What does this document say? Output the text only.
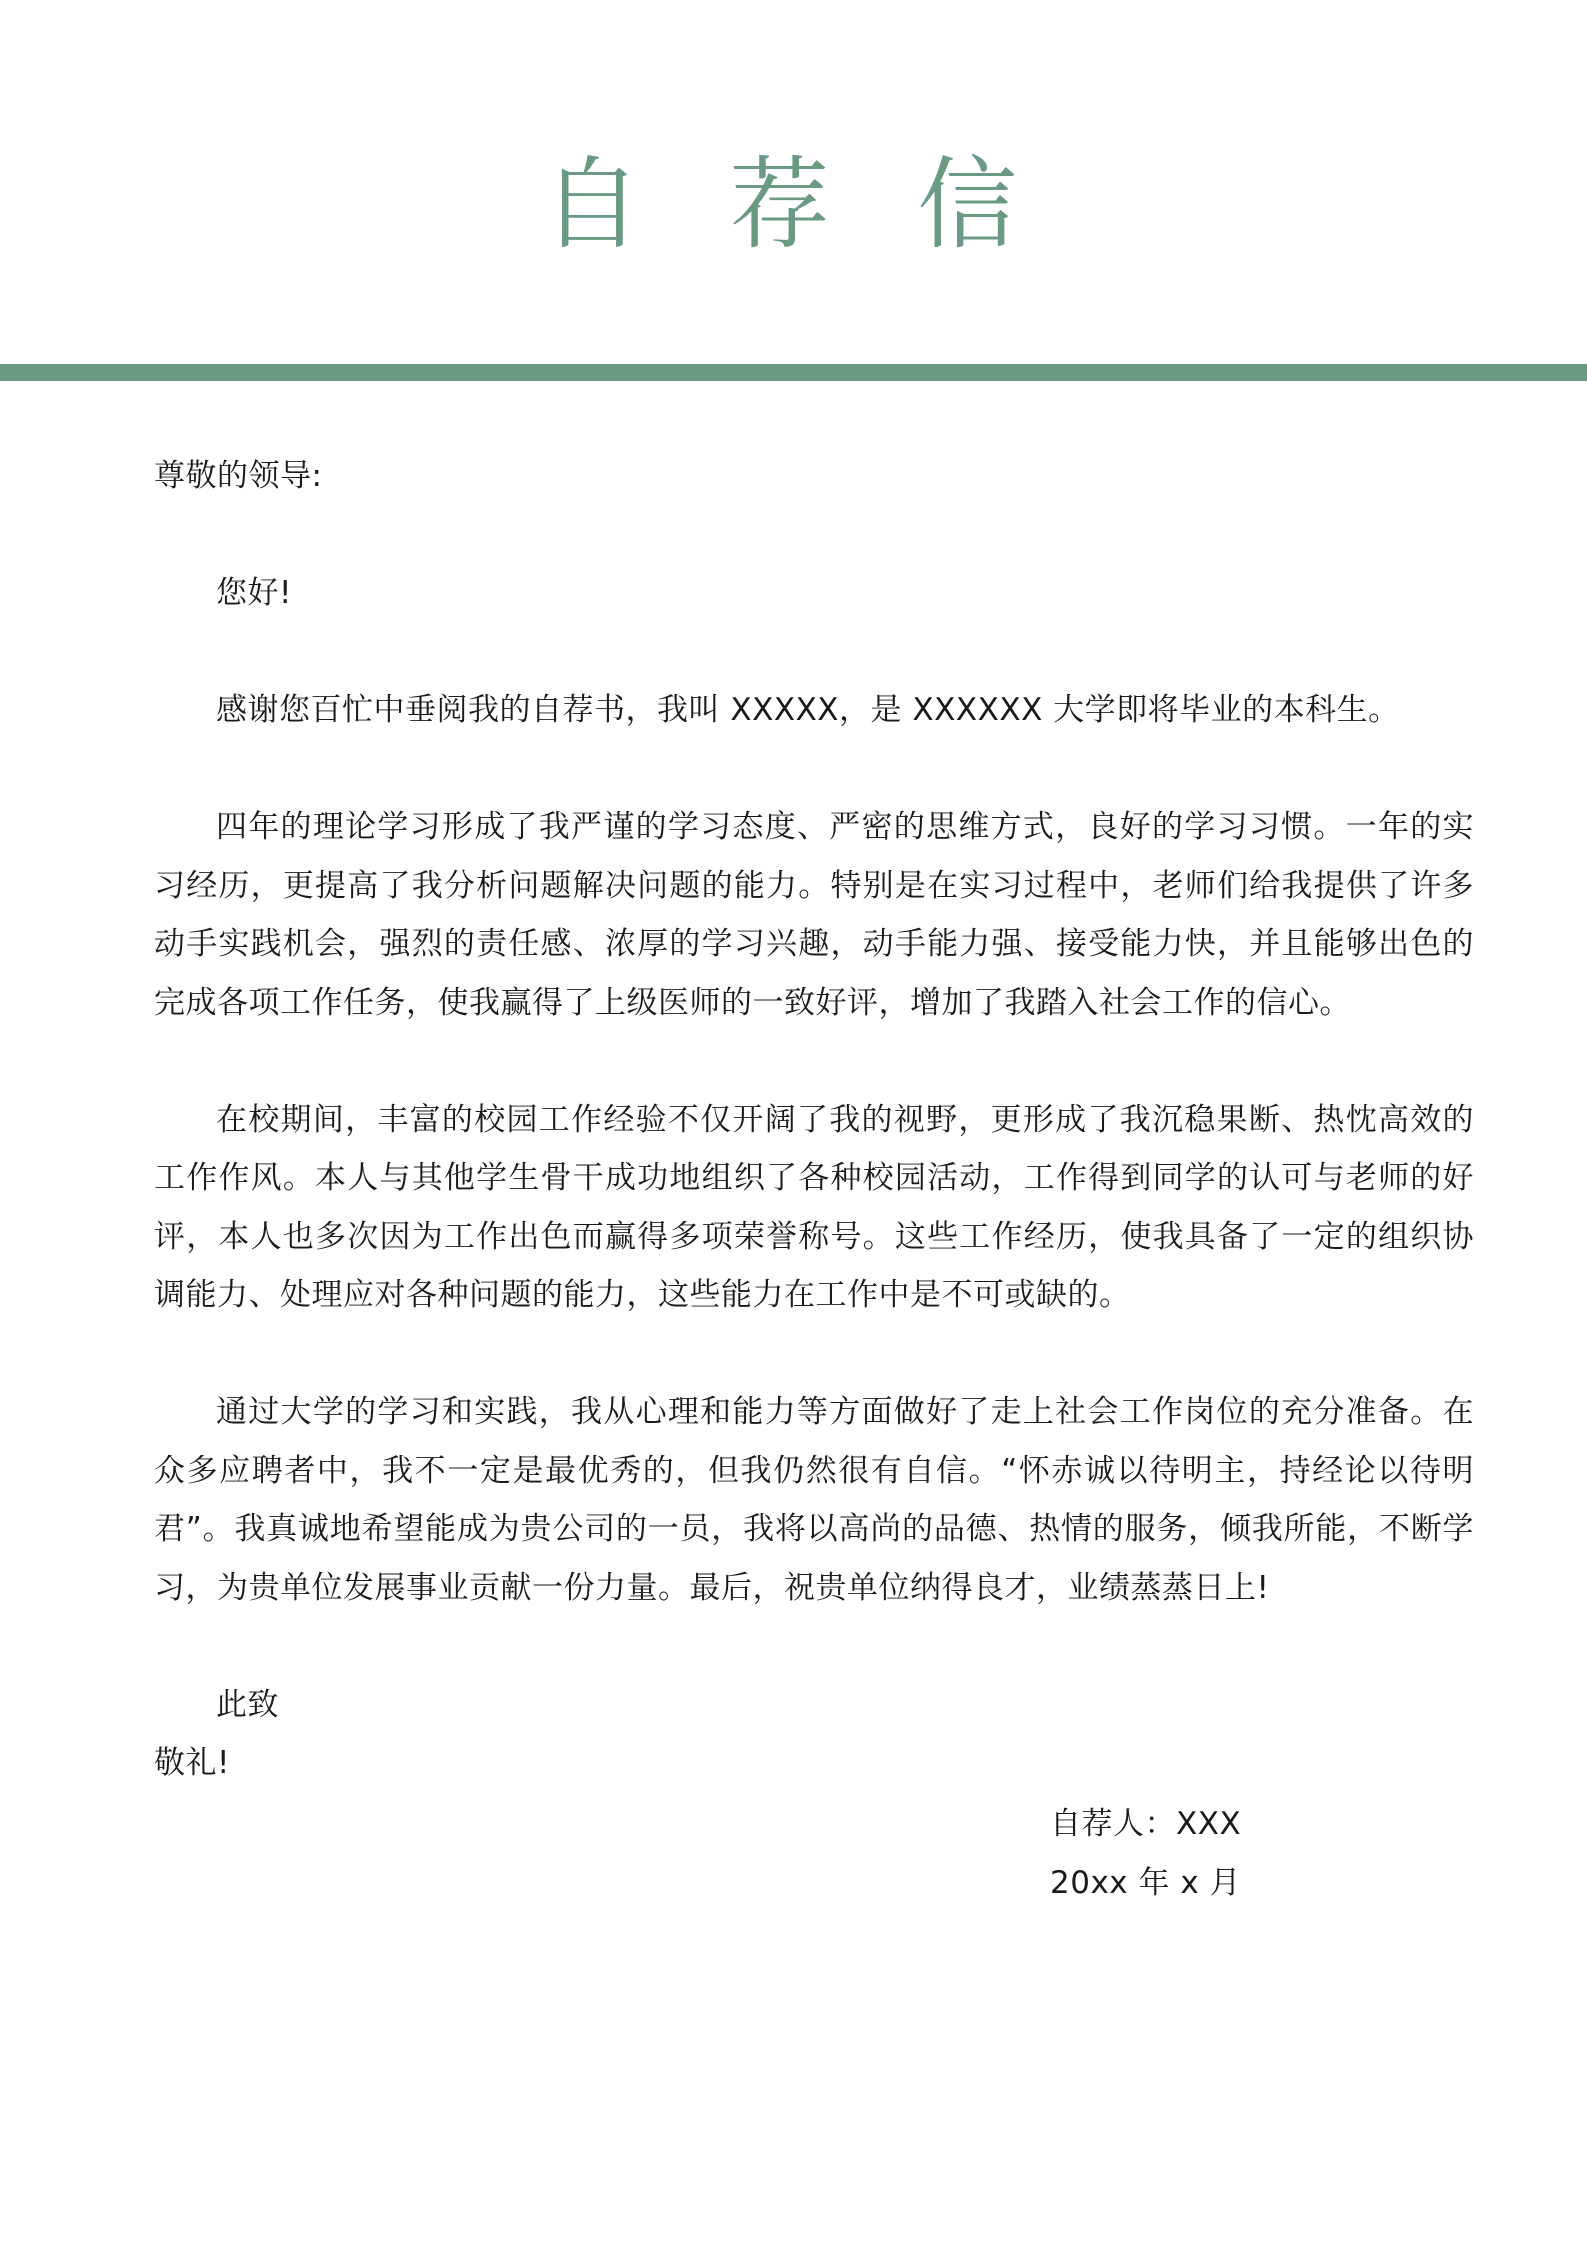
自 荐 信

尊敬的领导:

您好!

感谢您百忙中垂阅我的自荐书，我叫 XXXXX，是 XXXXXX 大学即将毕业的本科生。

四年的理论学习形成了我严谨的学习态度、严密的思维方式，良好的学习习惯。一年的实习经历，更提高了我分析问题解决问题的能力。特别是在实习过程中，老师们给我提供了许多动手实践机会，强烈的责任感、浓厚的学习兴趣，动手能力强、接受能力快，并且能够出色的完成各项工作任务，使我赢得了上级医师的一致好评，增加了我踏入社会工作的信心。

在校期间，丰富的校园工作经验不仅开阔了我的视野，更形成了我沉稳果断、热忱高效的工作作风。本人与其他学生骨干成功地组织了各种校园活动，工作得到同学的认可与老师的好评，本人也多次因为工作出色而赢得多项荣誉称号。这些工作经历，使我具备了一定的组织协调能力、处理应对各种问题的能力，这些能力在工作中是不可或缺的。

通过大学的学习和实践，我从心理和能力等方面做好了走上社会工作岗位的充分准备。在众多应聘者中，我不一定是最优秀的，但我仍然很有自信。“怀赤诚以待明主，持经论以待明君”。我真诚地希望能成为贵公司的一员，我将以高尚的品德、热情的服务，倾我所能，不断学习，为贵单位发展事业贡献一份力量。最后，祝贵单位纳得良才，业绩蒸蒸日上!

此致

敬礼!

自荐人：XXX
20xx 年 x 月
